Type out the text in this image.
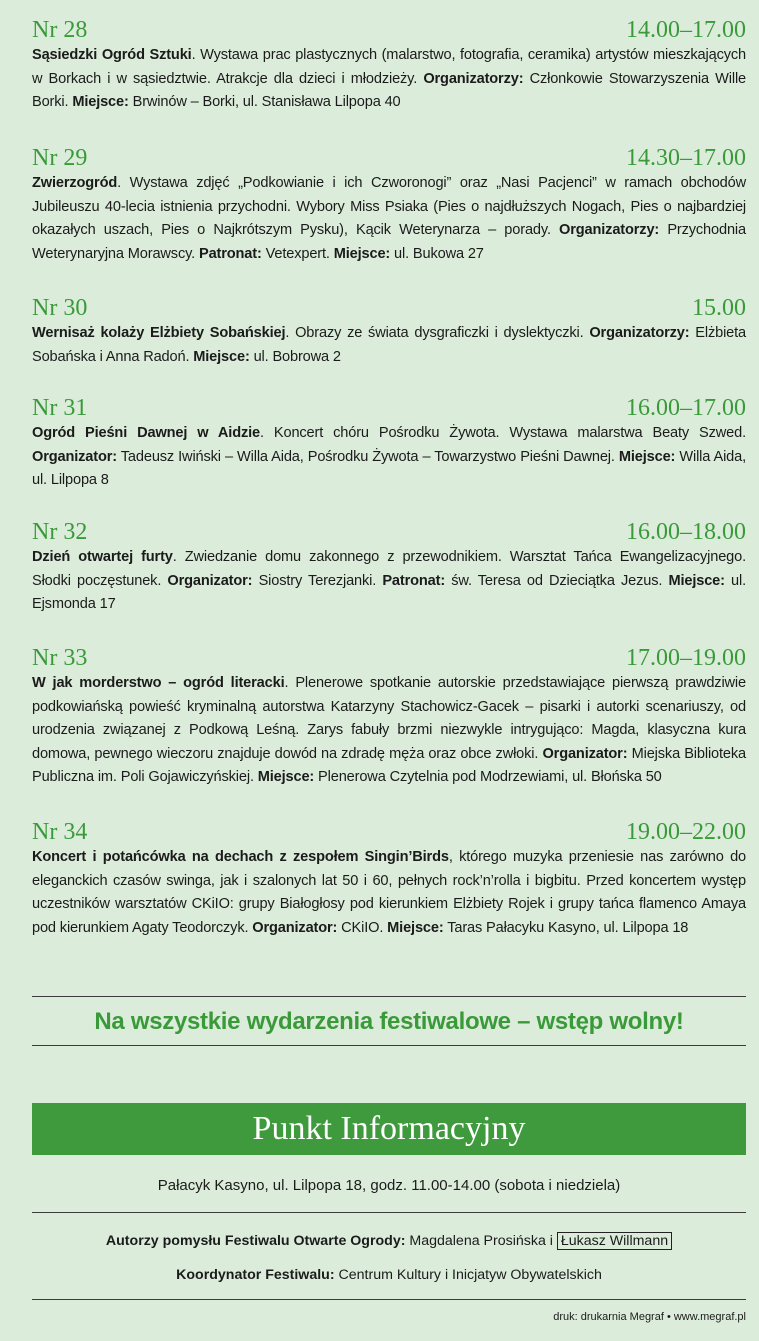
Nr 28	14.00–17.00
Sąsiedzki Ogród Sztuki. Wystawa prac plastycznych (malarstwo, fotografia, ceramika) artystów mieszkających w Borkach i w sąsiedztwie. Atrakcje dla dzieci i młodzieży. Organizatorzy: Członkowie Stowarzyszenia Wille Borki. Miejsce: Brwinów – Borki, ul. Stanisława Lilpopa 40
Nr 29	14.30–17.00
Zwierzogród. Wystawa zdjęć „Podkowianie i ich Czworonogi” oraz „Nasi Pacjenci” w ramach obchodów Jubileuszu 40-lecia istnienia przychodni. Wybory Miss Psiaka (Pies o najdłuższych Nogach, Pies o najbardziej okazałych uszach, Pies o Najkrótszym Pysku), Kącik Weterynarza – porady. Organizatorzy: Przychodnia Weterynaryjna Morawscy. Patronat: Vetexpert. Miejsce: ul. Bukowa 27
Nr 30	15.00
Wernisaż kolaży Elżbiety Sobańskiej. Obrazy ze świata dysgraficzki i dyslektyczki. Organizatorzy: Elżbieta Sobańska i Anna Radoń. Miejsce: ul. Bobrowa 2
Nr 31	16.00–17.00
Ogród Pieśni Dawnej w Aidzie. Koncert chóru Pośrodku Żywota. Wystawa malarstwa Beaty Szwed. Organizator: Tadeusz Iwiński – Willa Aida, Pośrodku Żywota – Towarzystwo Pieśni Dawnej. Miejsce: Willa Aida, ul. Lilpopa 8
Nr 32	16.00–18.00
Dzień otwartej furty. Zwiedzanie domu zakonnego z przewodnikiem. Warsztat Tańca Ewangelizacyjnego. Słodki poczęstunek. Organizator: Siostry Terezjanki. Patronat: św. Teresa od Dzieciątka Jezus. Miejsce: ul. Ejsmonda 17
Nr 33	17.00–19.00
W jak morderstwo – ogród literacki. Plenerowe spotkanie autorskie przedstawiające pierwszą prawdziwie podkowiańską powieść kryminalną autorstwa Katarzyny Stachowicz-Gacek – pisarki i autorki scenariuszy, od urodzenia związanej z Podkową Leśną. Zarys fabuły brzmi niezwykle intrygująco: Magda, klasyczna kura domowa, pewnego wieczoru znajduje dowód na zdradę męża oraz obce zwłoki. Organizator: Miejska Biblioteka Publiczna im. Poli Gojawiczyńskiej. Miejsce: Plenerowa Czytelnia pod Modrzewiami, ul. Błońska 50
Nr 34	19.00–22.00
Koncert i potańcówka na dechach z zespołem Singin’Birds, którego muzyka przeniesie nas zarówno do eleganckich czasów swinga, jak i szalonych lat 50 i 60, pełnych rock’n’rolla i bigbitu. Przed koncertem występ uczestników warsztatów CKiIO: grupy Białogłosy pod kierunkiem Elżbiety Rojek i grupy tańca flamenco Amaya pod kierunkiem Agaty Teodorczyk. Organizator: CKiIO. Miejsce: Taras Pałacyku Kasyno, ul. Lilpopa 18
Na wszystkie wydarzenia festiwalowe – wstęp wolny!
Punkt Informacyjny
Pałacyk Kasyno, ul. Lilpopa 18, godz. 11.00-14.00 (sobota i niedziela)
Autorzy pomysłu Festiwalu Otwarte Ogrody: Magdalena Prosińska i Łukasz Willmann
Koordynator Festiwalu: Centrum Kultury i Inicjatyw Obywatelskich
druk: drukarnia Megraf • www.megraf.pl
